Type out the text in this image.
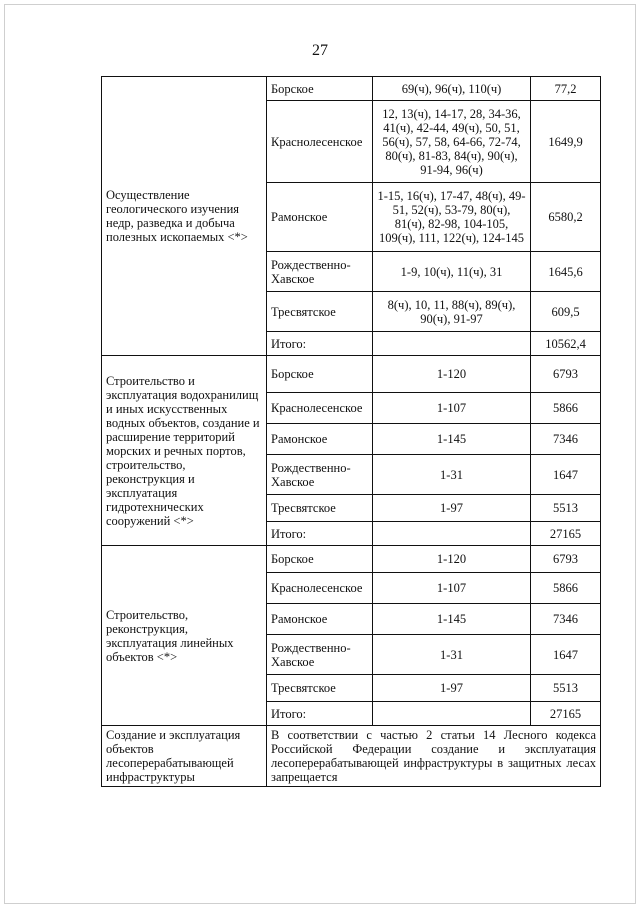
27
Осуществление геологического изучения недр, разведка и добыча полезных ископаемых <*>	Борское	69(ч), 96(ч), 110(ч)	77,2
	Краснолесенское	12, 13(ч), 14-17, 28, 34-36, 41(ч), 42-44, 49(ч), 50, 51, 56(ч), 57, 58, 64-66, 72-74, 80(ч), 81-83, 84(ч), 90(ч), 91-94, 96(ч)	1649,9
	Рамонское	1-15, 16(ч), 17-47, 48(ч), 49-51, 52(ч), 53-79, 80(ч), 81(ч), 82-98, 104-105, 109(ч), 111, 122(ч), 124-145	6580,2
	Рождественно-Хавское	1-9, 10(ч), 11(ч), 31	1645,6
	Тресвятское	8(ч), 10, 11, 88(ч), 89(ч), 90(ч), 91-97	609,5
	Итого:		10562,4
Строительство и эксплуатация водохранилищ и иных искусственных водных объектов, создание и расширение территорий морских и речных портов, строительство, реконструкция и эксплуатация гидротехнических сооружений <*>	Борское	1-120	6793
	Краснолесенское	1-107	5866
	Рамонское	1-145	7346
	Рождественно-Хавское	1-31	1647
	Тресвятское	1-97	5513
	Итого:		27165
Строительство, реконструкция, эксплуатация линейных объектов <*>	Борское	1-120	6793
	Краснолесенское	1-107	5866
	Рамонское	1-145	7346
	Рождественно-Хавское	1-31	1647
	Тресвятское	1-97	5513
	Итого:		27165
Создание и эксплуатация объектов лесоперерабатывающей инфраструктуры	В соответствии с частью 2 статьи 14 Лесного кодекса Российской Федерации создание и эксплуатация лесоперерабатывающей инфраструктуры в защитных лесах запрещается		
